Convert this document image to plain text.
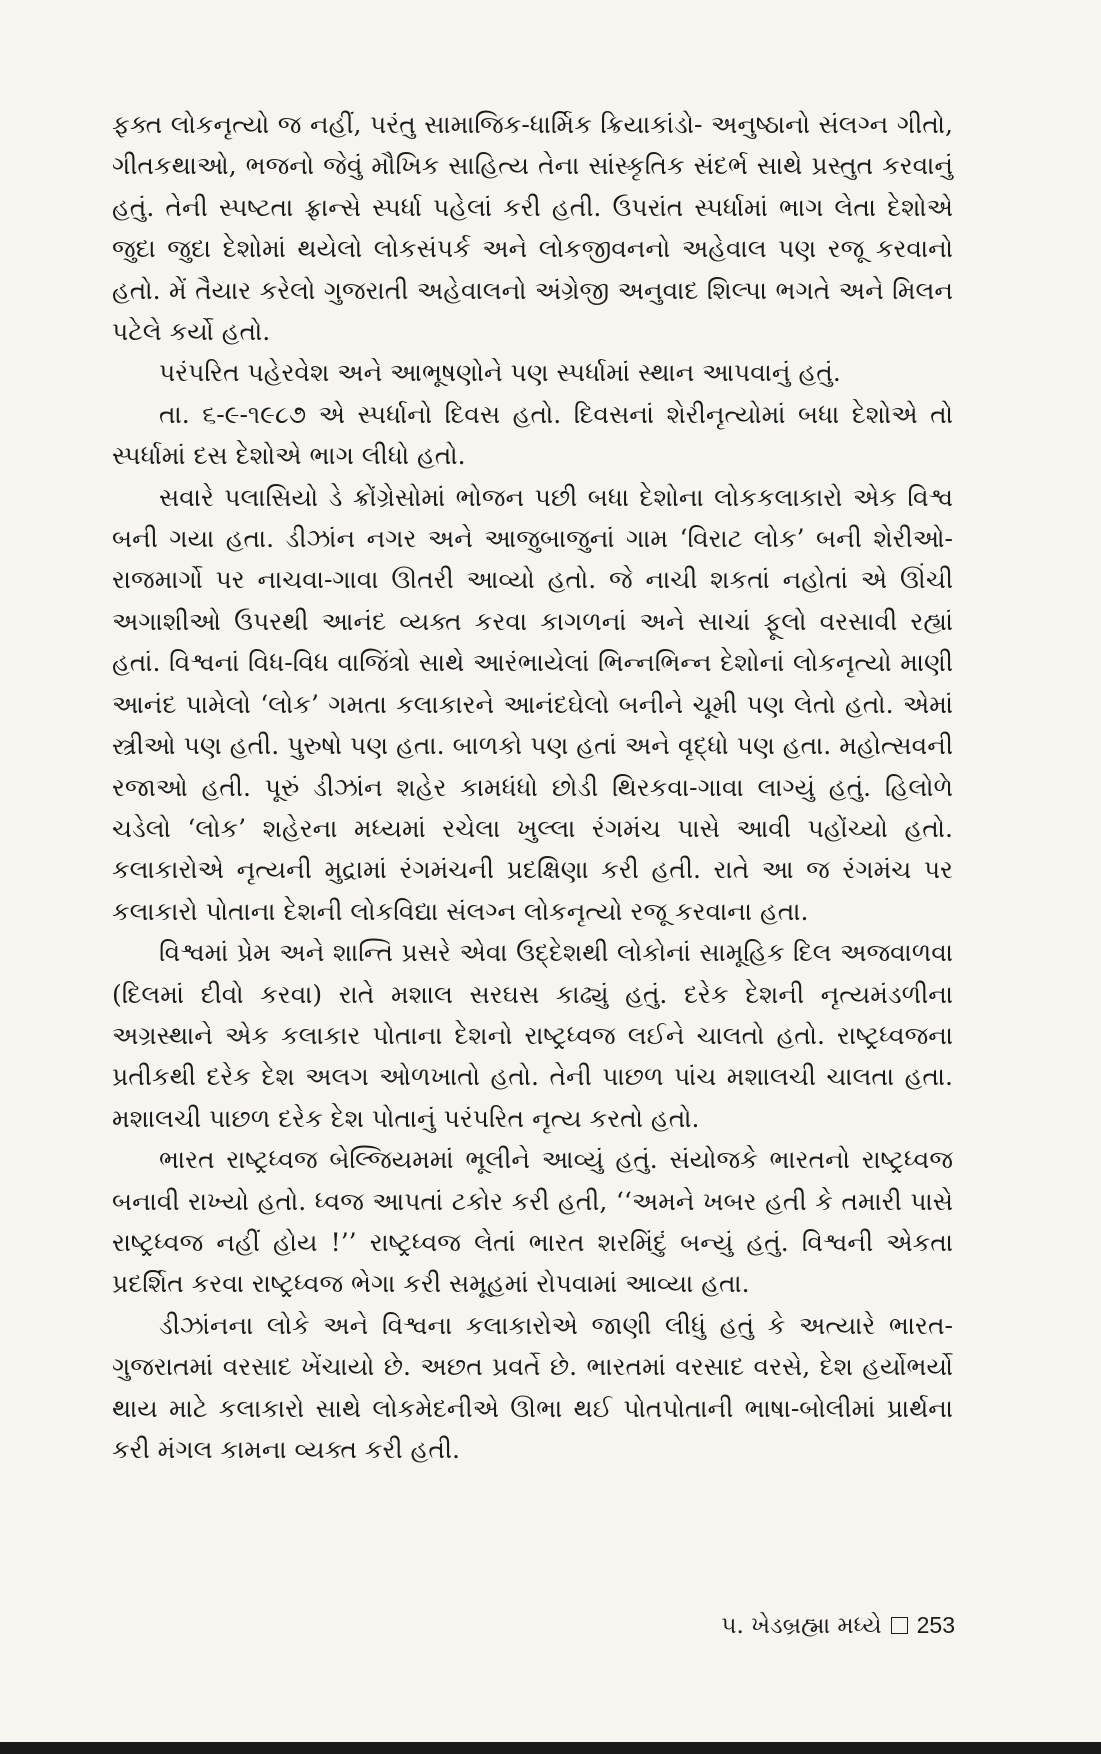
ફક્ત લોકનૃત્યો જ નહીં, પરંતુ સામાજિક-ધાર્મિક ક્રિયાકાંડો- અનુષ્ઠાનો સંલગ્ન ગીતો, ગીતકથાઓ, ભજનો જેવું મૌખિક સાહિત્ય તેના સાંસ્કૃતિક સંદર્ભ સાથે પ્રસ્તુત કરવાનું હતું. તેની સ્પષ્ટતા ફ્રાન્સે સ્પર્ધા પહેલાં કરી હતી. ઉપરાંત સ્પર્ધામાં ભાગ લેતા દેશોએ જુદા જુદા દેશોમાં થયેલો લોકસંપર્ક અને લોકજીવનનો અહેવાલ પણ રજૂ કરવાનો હતો. મેં તૈયાર કરેલો ગુજરાતી અહેવાલનો અંગ્રેજી અનુવાદ શિલ્પા ભગતે અને મિલન પટેલે કર્યો હતો.

પરંપરિત પહેરવેશ અને આભૂષણોને પણ સ્પર્ધામાં સ્થાન આપવાનું હતું.

તા. ૬-૯-૧૯૮૭ એ સ્પર્ધાનો દિવસ હતો. દિવસનાં શેરીનૃત્યોમાં બધા દેશોએ તો સ્પર્ધામાં દસ દેશોએ ભાગ લીધો હતો.

સવારે પલાસિયો ડે ક્રોંગ્રેસોમાં ભોજન પછી બધા દેશોના લોકકલાકારો એક વિશ્વ બની ગયા હતા. ડીઝાંન નગર અને આજુબાજુનાં ગામ ‘વિરાટ લોક’ બની શેરીઓ-રાજમાર્ગો પર નાચવા-ગાવા ઊતરી આવ્યો હતો. જે નાચી શકતાં નહોતાં એ ઊંચી અગાશીઓ ઉપરથી આનંદ વ્યક્ત કરવા કાગળનાં અને સાચાં ફૂલો વરસાવી રહ્યાં હતાં. વિશ્વનાં વિધ-વિધ વાજિંત્રો સાથે આરંભાયેલાં ભિન્નભિન્ન દેશોનાં લોકનૃત્યો માણી આનંદ પામેલો ‘લોક’ ગમતા કલાકારને આનંદઘેલો બનીને ચૂમી પણ લેતો હતો. એમાં સ્ત્રીઓ પણ હતી. પુરુષો પણ હતા. બાળકો પણ હતાં અને વૃદ્ધો પણ હતા. મહોત્સવની રજાઓ હતી. પૂરું ડીઝાંન શહેર કામધંધો છોડી થિરકવા-ગાવા લાગ્યું હતું. હિલોળે ચડેલો ‘લોક’ શહેરના મધ્યમાં રચેલા ખુલ્લા રંગમંચ પાસે આવી પહોંચ્યો હતો. કલાકારોએ નૃત્યની મુદ્રામાં રંગમંચની પ્રદક્ષિણા કરી હતી. રાતે આ જ રંગમંચ પર કલાકારો પોતાના દેશની લોકવિદ્યા સંલગ્ન લોકનૃત્યો રજૂ કરવાના હતા.

વિશ્વમાં પ્રેમ અને શાન્તિ પ્રસરે એવા ઉદ્દેશથી લોકોનાં સામૂહિક દિલ અજવાળવા (દિલમાં દીવો કરવા) રાતે મશાલ સરઘસ કાઢ્યું હતું. દરેક દેશની નૃત્યમંડળીના અગ્રસ્થાને એક કલાકાર પોતાના દેશનો રાષ્ટ્રધ્વજ લઈને ચાલતો હતો. રાષ્ટ્રધ્વજના પ્રતીકથી દરેક દેશ અલગ ઓળખાતો હતો. તેની પાછળ પાંચ મશાલચી ચાલતા હતા. મશાલચી પાછળ દરેક દેશ પોતાનું પરંપરિત નૃત્ય કરતો હતો.

ભારત રાષ્ટ્રધ્વજ બેલ્જિયમમાં ભૂલીને આવ્યું હતું. સંયોજકે ભારતનો રાષ્ટ્રધ્વજ બનાવી રાખ્યો હતો. ધ્વજ આપતાં ટકોર કરી હતી, ‘‘અમને ખબર હતી કે તમારી પાસે રાષ્ટ્રધ્વજ નહીં હોય !’’ રાષ્ટ્રધ્વજ લેતાં ભારત શરમિંદું બન્યું હતું. વિશ્વની એકતા પ્રદર્શિત કરવા રાષ્ટ્રધ્વજ ભેગા કરી સમૂહમાં રોપવામાં આવ્યા હતા.

ડીઝાંનના લોકે અને વિશ્વના કલાકારોએ જાણી લીધું હતું કે અત્યારે ભારત-ગુજરાતમાં વરસાદ ખેંચાયો છે. અછત પ્રવર્તે છે. ભારતમાં વરસાદ વરસે, દેશ હર્યોભર્યો થાય માટે કલાકારો સાથે લોકમેદનીએ ઊભા થઈ પોતપોતાની ભાષા-બોલીમાં પ્રાર્થના કરી મંગલ કામના વ્યક્ત કરી હતી.

૫. ખેડબ્રહ્મા મધ્યે 253
